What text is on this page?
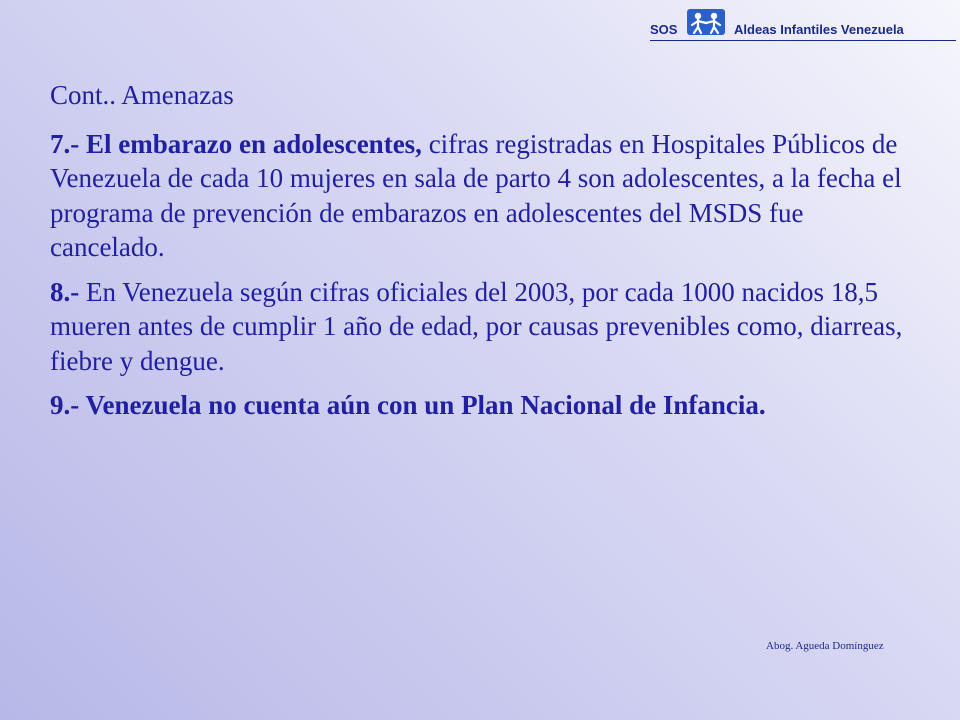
SOS	Aldeas Infantiles Venezuela

Cont.. Amenazas

7.- El embarazo en adolescentes, cifras registradas en Hospitales Públicos de Venezuela de cada 10 mujeres en sala de parto 4 son adolescentes, a la fecha el programa de prevención de embarazos en adolescentes del MSDS fue cancelado.

8.- En Venezuela según cifras oficiales del 2003, por cada 1000 nacidos 18,5 mueren antes de cumplir 1 año de edad, por causas prevenibles como, diarreas, fiebre y dengue.

9.- Venezuela no cuenta aún con un Plan Nacional de Infancia.

Abog. Agueda Domínguez
